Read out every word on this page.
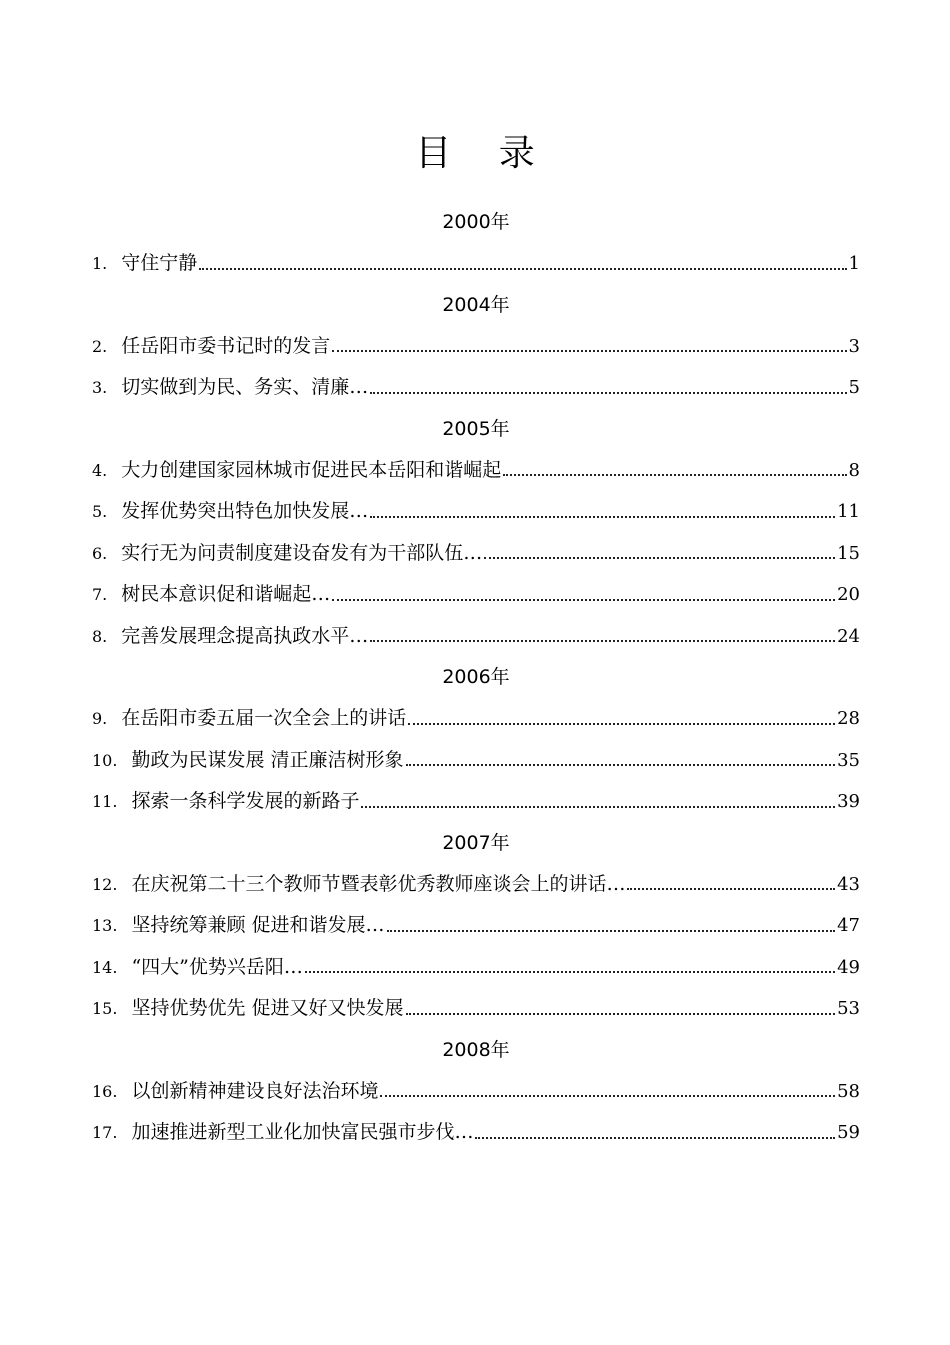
目 录
2000年
1. 守住宁静	1
2004年
2. 任岳阳市委书记时的发言	3
3. 切实做到为民、务实、清廉…	5
2005年
4. 大力创建国家园林城市促进民本岳阳和谐崛起	8
5. 发挥优势突出特色加快发展…	11
6. 实行无为问责制度建设奋发有为干部队伍…	15
7. 树民本意识促和谐崛起…	20
8. 完善发展理念提高执政水平…	24
2006年
9. 在岳阳市委五届一次全会上的讲话	28
10. 勤政为民谋发展 清正廉洁树形象	35
11. 探索一条科学发展的新路子	39
2007年
12. 在庆祝第二十三个教师节暨表彰优秀教师座谈会上的讲话…	43
13. 坚持统筹兼顾 促进和谐发展…	47
14. “四大”优势兴岳阳…	49
15. 坚持优势优先 促进又好又快发展	53
2008年
16. 以创新精神建设良好法治环境	58
17. 加速推进新型工业化加快富民强市步伐…	59
